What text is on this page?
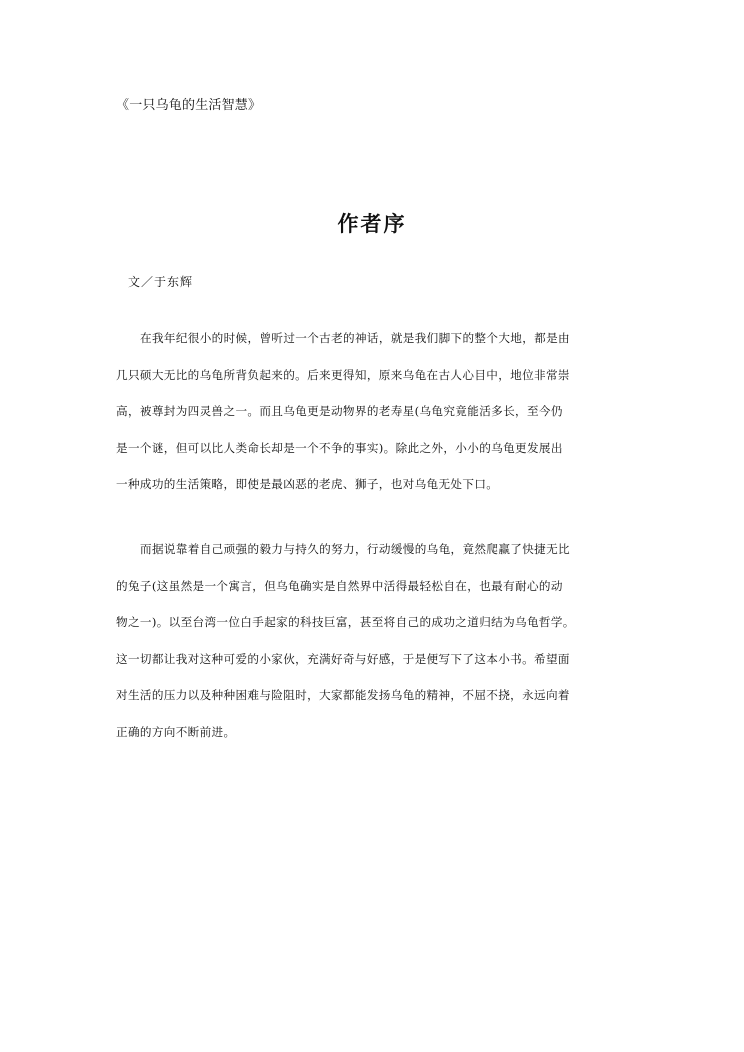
《一只乌龟的生活智慧》
作者序
文／于东辉
在我年纪很小的时候，曾听过一个古老的神话，就是我们脚下的整个大地，都是由
几只硕大无比的乌龟所背负起来的。后来更得知，原来乌龟在古人心目中，地位非常崇
高，被尊封为四灵兽之一。而且乌龟更是动物界的老寿星(乌龟究竟能活多长，至今仍
是一个谜，但可以比人类命长却是一个不争的事实)。除此之外，小小的乌龟更发展出
一种成功的生活策略，即使是最凶恶的老虎、狮子，也对乌龟无处下口。
而据说靠着自己顽强的毅力与持久的努力，行动缓慢的乌龟，竟然爬赢了快捷无比
的兔子(这虽然是一个寓言，但乌龟确实是自然界中活得最轻松自在，也最有耐心的动
物之一)。以至台湾一位白手起家的科技巨富，甚至将自己的成功之道归结为乌龟哲学。
这一切都让我对这种可爱的小家伙，充满好奇与好感，于是便写下了这本小书。希望面
对生活的压力以及种种困难与险阻时，大家都能发扬乌龟的精神，不屈不挠，永远向着
正确的方向不断前进。
